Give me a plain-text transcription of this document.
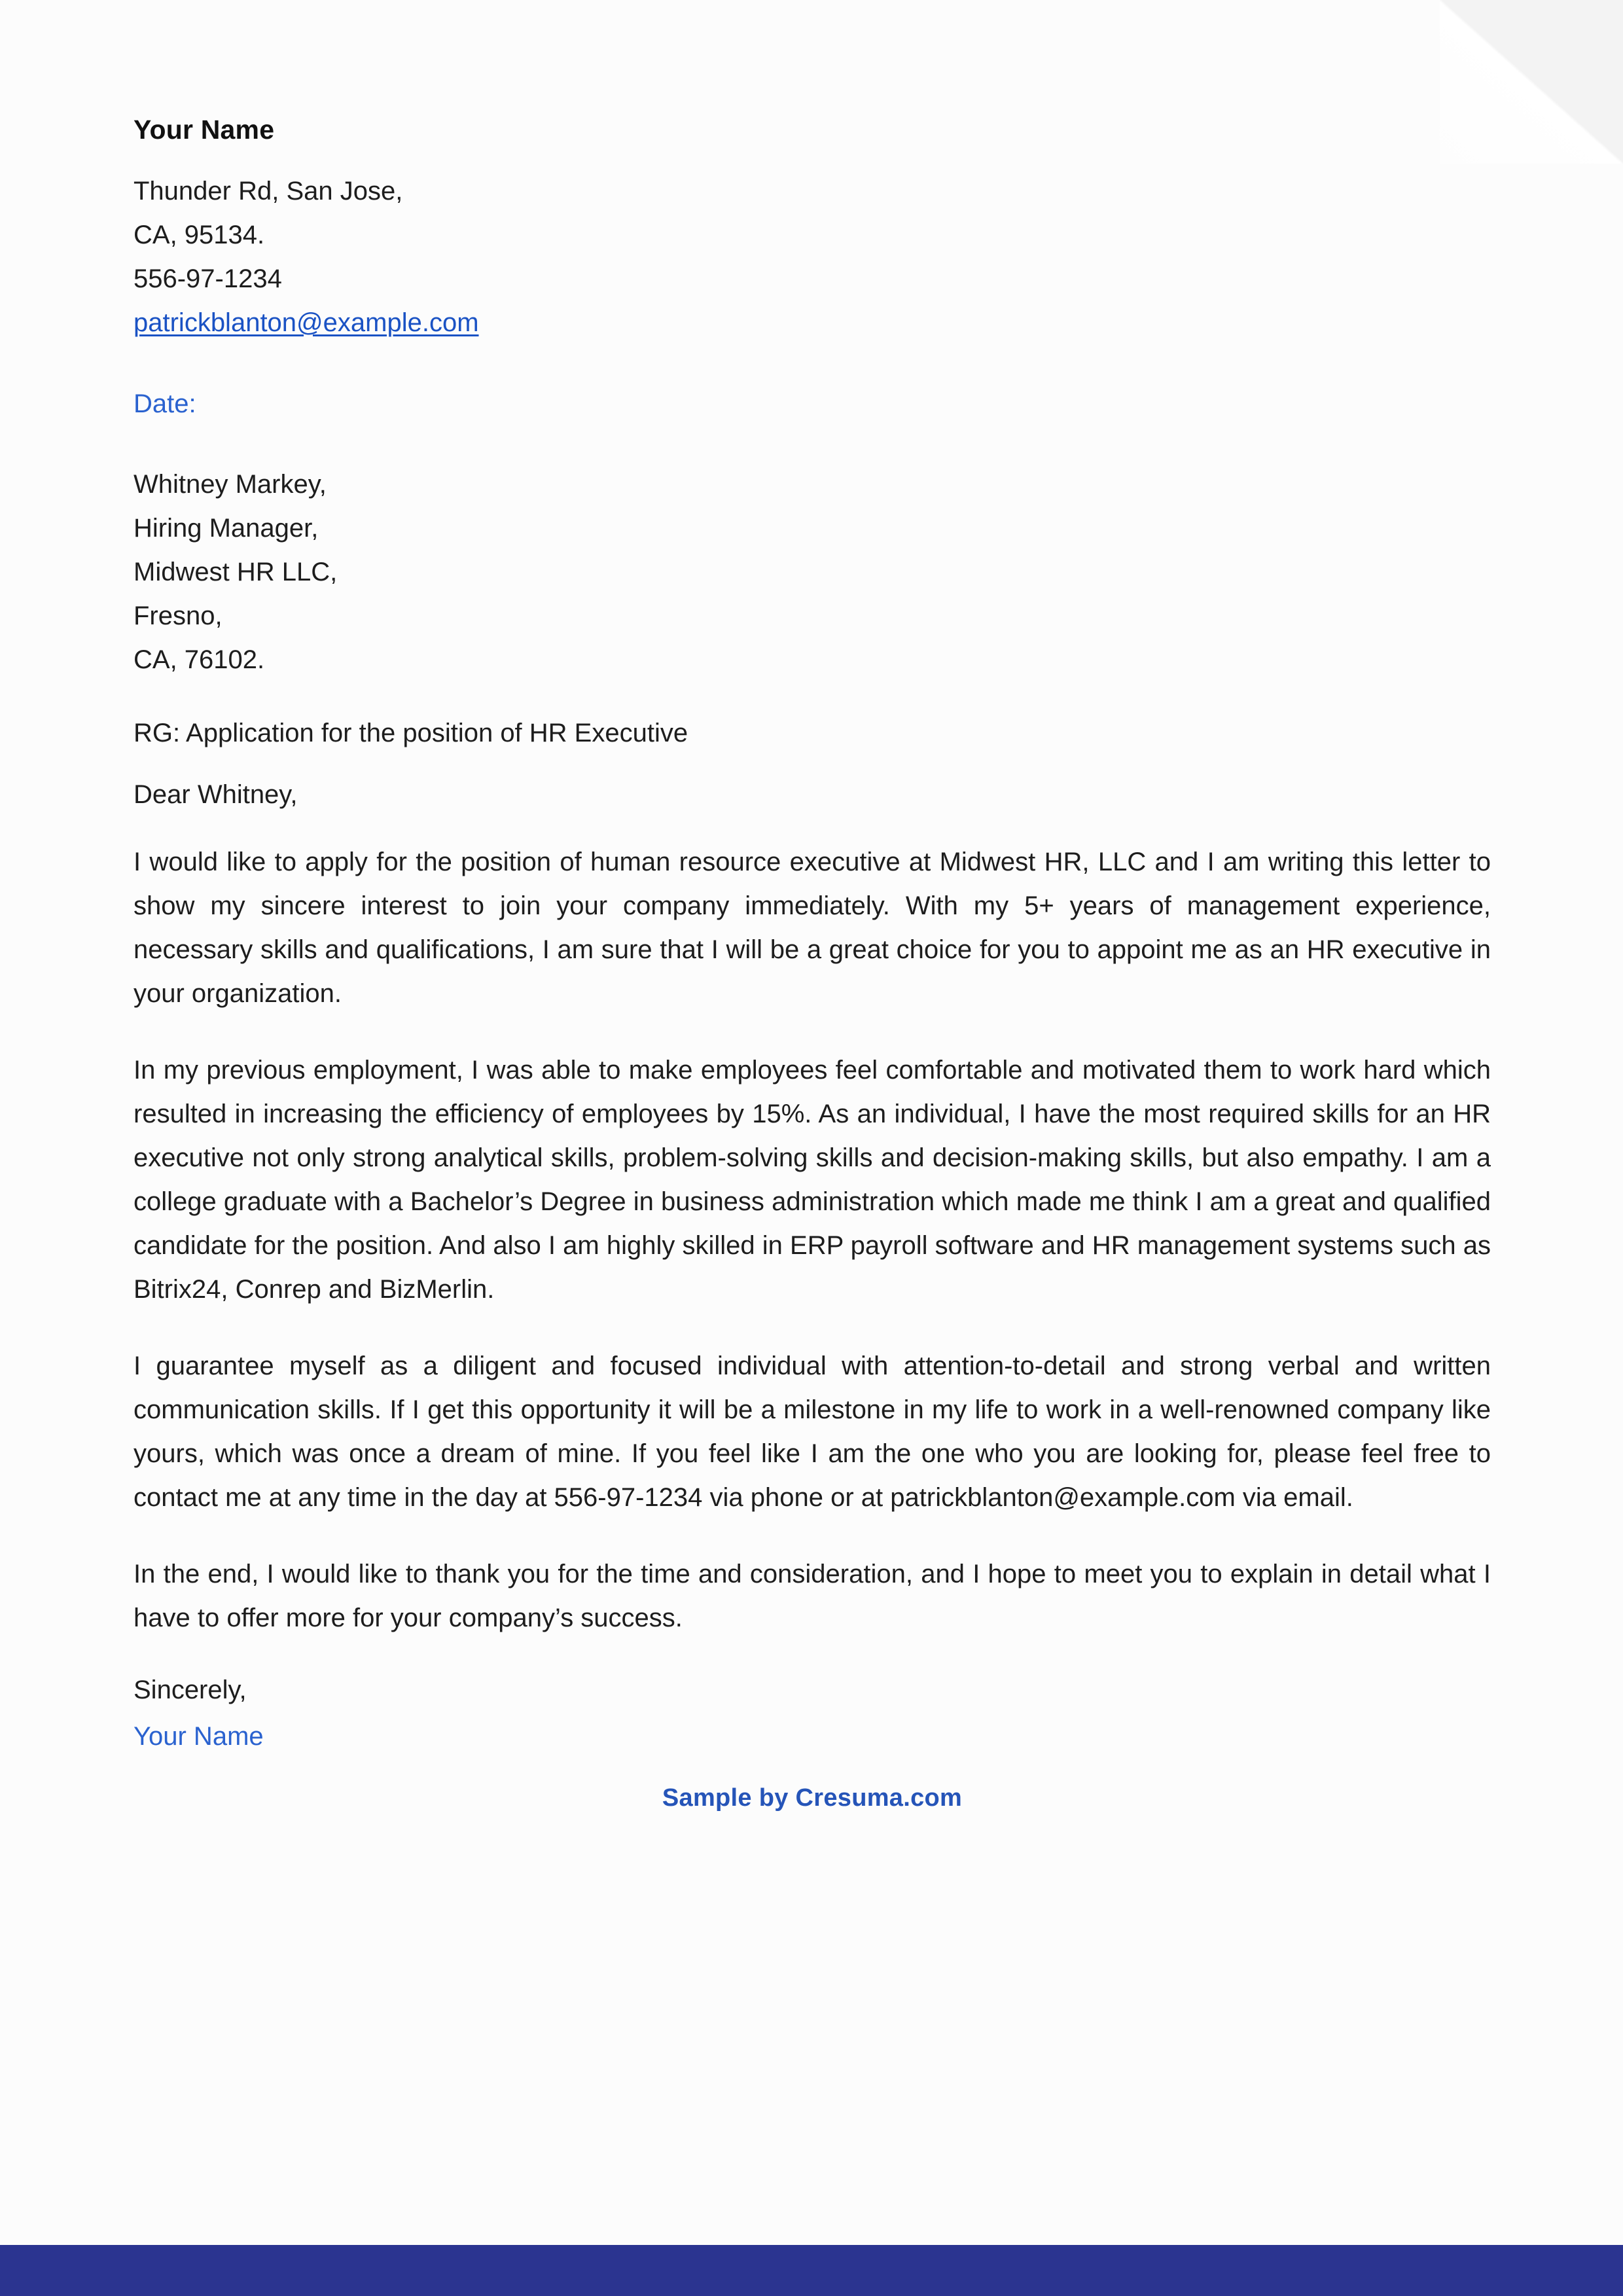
Your Name

Thunder Rd, San Jose,

CA, 95134.

556-97-1234

patrickblanton@example.com

Date:

Whitney Markey,

Hiring Manager,

Midwest HR LLC,

Fresno,

CA, 76102.

RG: Application for the position of HR Executive

Dear Whitney,

I would like to apply for the position of human resource executive at Midwest HR, LLC and I am writing this letter to show my sincere interest to join your company immediately. With my 5+ years of management experience, necessary skills and qualifications, I am sure that I will be a great choice for you to appoint me as an HR executive in your organization.

In my previous employment, I was able to make employees feel comfortable and motivated them to work hard which resulted in increasing the efficiency of employees by 15%. As an individual, I have the most required skills for an HR executive not only strong analytical skills, problem-solving skills and decision-making skills, but also empathy. I am a college graduate with a Bachelor’s Degree in business administration which made me think I am a great and qualified candidate for the position. And also I am highly skilled in ERP payroll software and HR management systems such as Bitrix24, Conrep and BizMerlin.

I guarantee myself as a diligent and focused individual with attention-to-detail and strong verbal and written communication skills. If I get this opportunity it will be a milestone in my life to work in a well-renowned company like yours, which was once a dream of mine. If you feel like I am the one who you are looking for, please feel free to contact me at any time in the day at 556-97-1234 via phone or at patrickblanton@example.com via email.

In the end, I would like to thank you for the time and consideration, and I hope to meet you to explain in detail what I have to offer more for your company’s success.

Sincerely,

Your Name

Sample by Cresuma.com
